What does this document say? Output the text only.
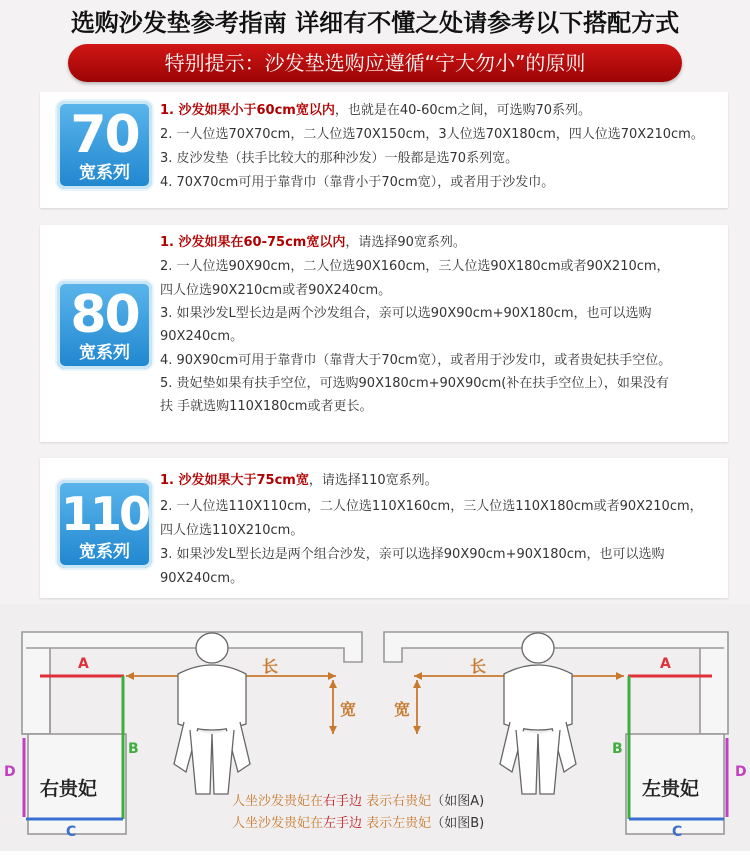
选购沙发垫参考指南 详细有不懂之处请参考以下搭配方式
特别提示：沙发垫选购应遵循“宁大勿小”的原则
70
宽系列
1. 沙发如果小于60cm宽以内，也就是在40-60cm之间，可选购70系列。
2. 一人位选70X70cm，二人位选70X150cm，3人位选70X180cm，四人位选70X210cm。
3. 皮沙发垫（扶手比较大的那种沙发）一般都是选70系列宽。
4. 70X70cm可用于靠背巾（靠背小于70cm宽），或者用于沙发巾。
80
宽系列
1. 沙发如果在60-75cm宽以内，请选择90宽系列。
2. 一人位选90X90cm，二人位选90X160cm，三人位选90X180cm或者90X210cm，
四人位选90X210cm或者90X240cm。
3. 如果沙发L型长边是两个沙发组合，亲可以选90X90cm+90X180cm，也可以选购
90X240cm。
4. 90X90cm可用于靠背巾（靠背大于70cm宽），或者用于沙发巾，或者贵妃扶手空位。
5. 贵妃垫如果有扶手空位，可选购90X180cm+90X90cm(补在扶手空位上），如果没有
扶 手就选购110X180cm或者更长。
110
宽系列
1. 沙发如果大于75cm宽，请选择110宽系列。
2. 一人位选110X110cm，二人位选110X160cm，三人位选110X180cm或者90X210cm，
四人位选110X210cm。
3. 如果沙发L型长边是两个组合沙发，亲可以选择90X90cm+90X180cm，也可以选购
90X240cm。
A	长
宽
B
D
C
右贵妃
长
宽
A
B
D
C
左贵妃
人坐沙发贵妃在右手边 表示右贵妃（如图A)
人坐沙发贵妃在左手边 表示左贵妃（如图B)
